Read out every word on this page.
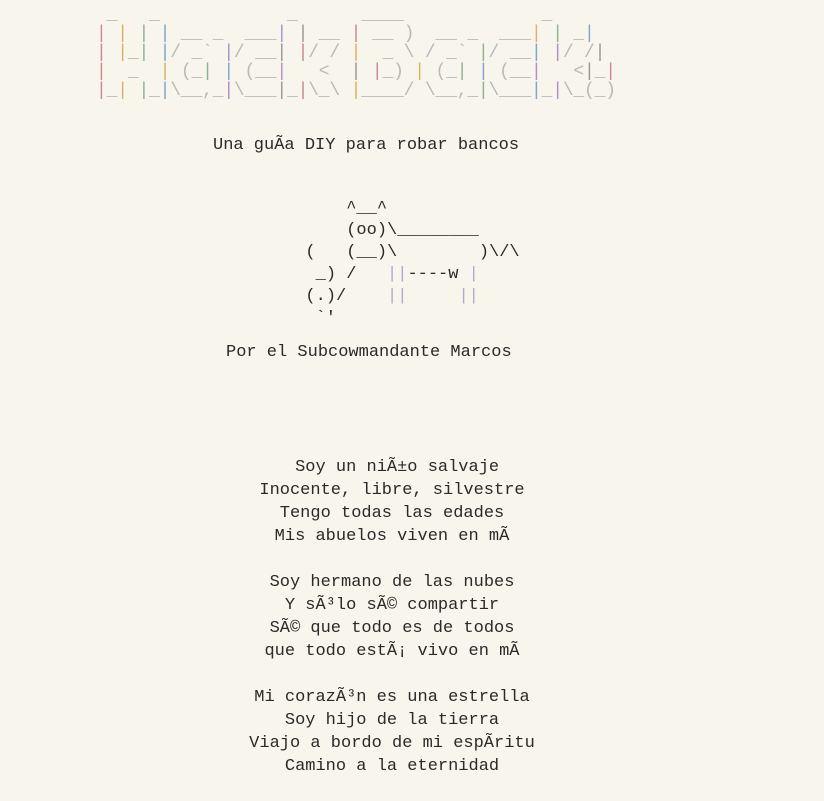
_ _	_	____	_
| | | | __ _ ___| | __ | __ ) __ _ ___| | _|
| |_| |/ _` |/ __| |/ / | _ \ / _` |/ __| |/ /|
| _ | (_| | (__| < | |_) | (_| | (__| <|_|
|_| |_|\__,_|\___|_|\_\ |____/ \__,_|\___|_|\_(_)
Una guÃa DIY para robar bancos
^__^
(oo)\________
(   (__)\        )\/\
_) / ||----w |
(.)/ ||	||
`'
Por el Subcowmandante Marcos
Soy un niÃ±o salvaje
Inocente, libre, silvestre
Tengo todas las edades
Mis abuelos viven en mÃ
Soy hermano de las nubes
Y sÃ³lo sÃ© compartir
SÃ© que todo es de todos
que todo estÃ¡ vivo en mÃ
Mi corazÃ³n es una estrella
Soy hijo de la tierra
Viajo a bordo de mi espÃritu
Camino a la eternidad
